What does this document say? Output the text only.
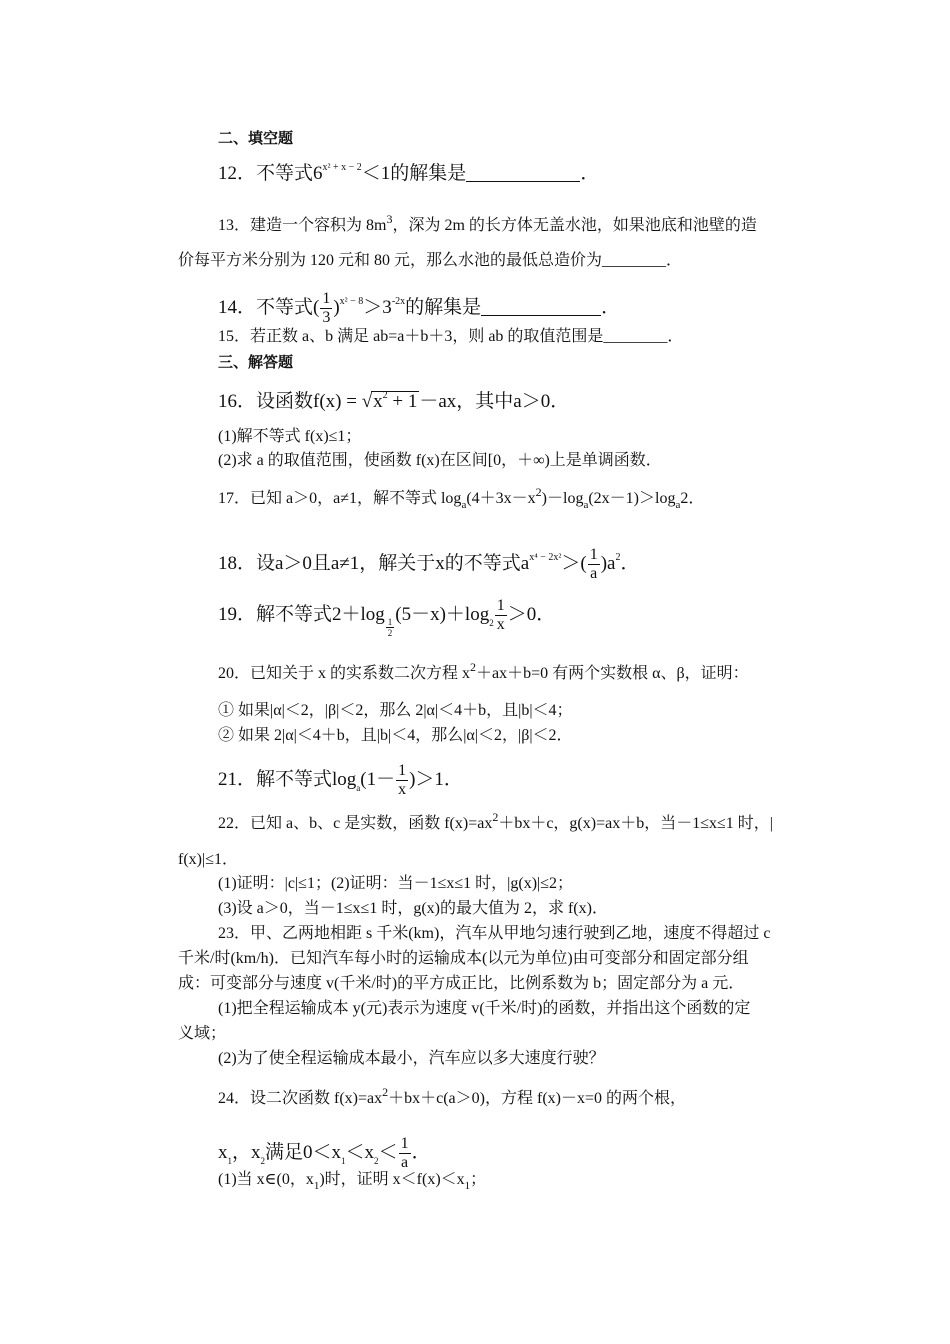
二、填空题
12．不等式$6^{x^2 + x - 2}<1$的解集是	．
13．建造一个容积为 $8m^3$，深为 2m 的长方体无盖水池，如果池底和池壁的造
价每平方米分别为 120 元和 80 元，那么水池的最低总造价为________．
14．不等式( $\frac{1}{3} )^{x^2 - 8}>3^{-2x}$的解集是	．
15．若正数 a、b 满足 ab=a＋b＋3，则 ab 的取值范围是________．
三、解答题
16．设函数$f(x) = √x^2 + 1 -ax$，其中a＞0．
(1)解不等式 f(x)≤1；
(2)求 a 的取值范围，使函数 f(x)在区间[0，＋∞)上是单调函数．
17．已知 a＞0，a≠1，解不等式 $\log_a(4+3x-x^2)-\log_a(2x-1)>\log_a2$．
18．设a＞0且a≠1，解关于x的不等式$a^{x^4 - 2x^2}>( \frac{1}{a} )a^2$．
19．解不等式2＋log
$\frac{1}{2}$
$(5-x)+\log_2 \frac{1}{x} >0$．
20．已知关于 x 的实系数二次方程 $x^2+ax+b=0$ 有两个实数根 α、β，证明：
① 如果|α|＜2，|β|＜2，那么 2|α|＜4＋b，且|b|＜4；
② 如果 2|α|＜4＋b，且|b|＜4，那么|α|＜2，|β|＜2．
21．解不等式$\log_a(1- \frac{1}{x} )>1$．
22．已知 a、b、c 是实数，函数 $f(x)=ax^2+bx+c$，g(x)=ax＋b，当－1≤x≤1 时，|
f(x)|≤1．
(1)证明：|c|≤1；(2)证明：当－1≤x≤1 时，|g(x)|≤2；
(3)设 a＞0，当－1≤x≤1 时，g(x)的最大值为 2，求 f(x)．
23．甲、乙两地相距 s 千米(km)，汽车从甲地匀速行驶到乙地，速度不得超过 c
千米/时(km/h)．已知汽车每小时的运输成本(以元为单位)由可变部分和固定部分组
成：可变部分与速度 v(千米/时)的平方成正比，比例系数为 b；固定部分为 a 元．
(1)把全程运输成本 y(元)表示为速度 v(千米/时)的函数，并指出这个函数的定
义域；
(2)为了使全程运输成本最小，汽车应以多大速度行驶？
24．设二次函数 $f(x)=ax^2+bx+c(a>0)$，方程 f(x)－x=0 的两个根，
$x_1$，$x_2$满足$0<x_1<x_2< \frac{1}{a}$ ．
(1)当 x∈(0，$x_1$)时，证明 $x<f(x)<x_1$；
